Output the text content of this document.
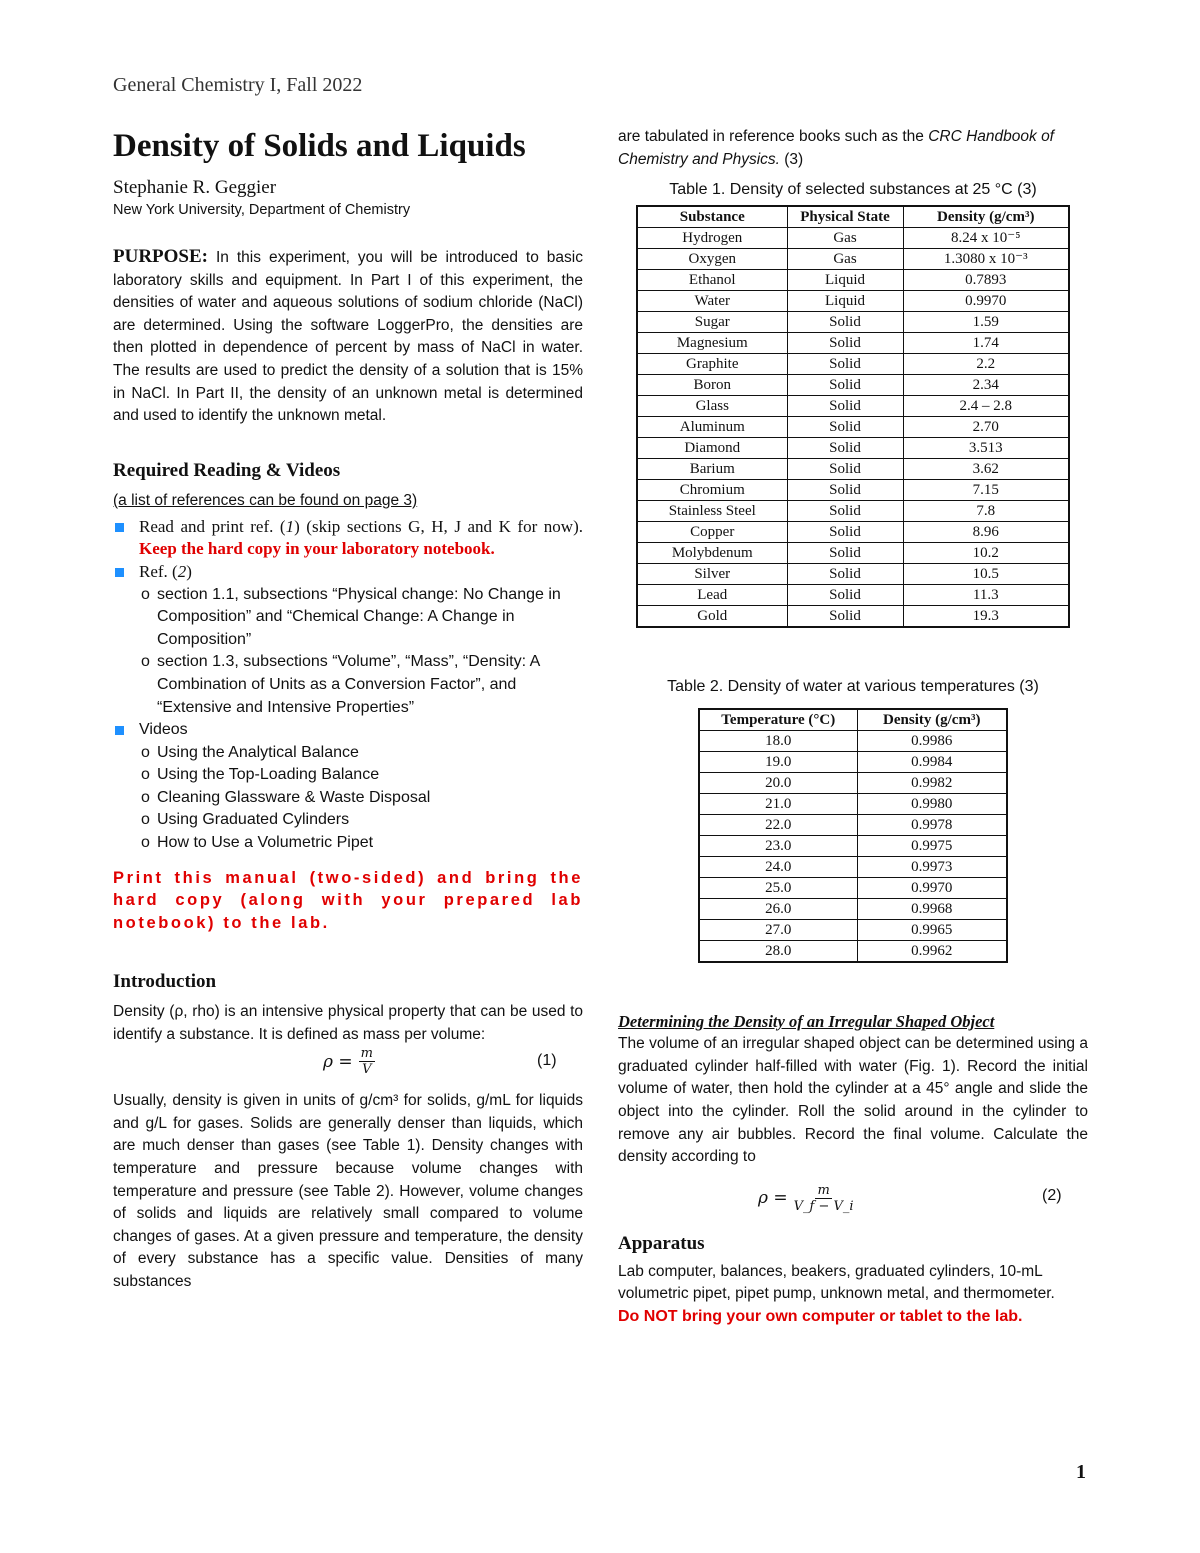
General Chemistry I, Fall 2022
Density of Solids and Liquids
Stephanie R. Geggier
New York University, Department of Chemistry
PURPOSE: In this experiment, you will be introduced to basic laboratory skills and equipment. In Part I of this experiment, the densities of water and aqueous solutions of sodium chloride (NaCl) are determined. Using the software LoggerPro, the densities are then plotted in dependence of percent by mass of NaCl in water. The results are used to predict the density of a solution that is 15% in NaCl. In Part II, the density of an unknown metal is determined and used to identify the unknown metal.
Required Reading & Videos
(a list of references can be found on page 3)
Read and print ref. (1) (skip sections G, H, J and K for now). Keep the hard copy in your laboratory notebook.
Ref. (2)
o section 1.1, subsections “Physical change: No Change in Composition” and “Chemical Change: A Change in Composition”
o section 1.3, subsections “Volume”, “Mass”, “Density: A Combination of Units as a Conversion Factor”, and “Extensive and Intensive Properties”
Videos
o Using the Analytical Balance
o Using the Top-Loading Balance
o Cleaning Glassware & Waste Disposal
o Using Graduated Cylinders
o How to Use a Volumetric Pipet
Print this manual (two-sided) and bring the hard copy (along with your prepared lab notebook) to the lab.
Introduction
Density (ρ, rho) is an intensive physical property that can be used to identify a substance. It is defined as mass per volume:
$\rho = \frac{m}{V}$	(1)
Usually, density is given in units of g/cm³ for solids, g/mL for liquids and g/L for gases. Solids are generally denser than liquids, which are much denser than gases (see Table 1). Density changes with temperature and pressure because volume changes with temperature and pressure (see Table 2). However, volume changes of solids and liquids are relatively small compared to volume changes of gases. At a given pressure and temperature, the density of every substance has a specific value. Densities of many substances
are tabulated in reference books such as the CRC Handbook of Chemistry and Physics. (3)
Table 1. Density of selected substances at 25 °C (3)
Substance	Physical State	Density (g/cm³)
Hydrogen	Gas	8.24 x 10⁻⁵
Oxygen	Gas	1.3080 x 10⁻³
Ethanol	Liquid	0.7893
Water	Liquid	0.9970
Sugar	Solid	1.59
Magnesium	Solid	1.74
Graphite	Solid	2.2
Boron	Solid	2.34
Glass	Solid	2.4 – 2.8
Aluminum	Solid	2.70
Diamond	Solid	3.513
Barium	Solid	3.62
Chromium	Solid	7.15
Stainless Steel	Solid	7.8
Copper	Solid	8.96
Molybdenum	Solid	10.2
Silver	Solid	10.5
Lead	Solid	11.3
Gold	Solid	19.3
Table 2. Density of water at various temperatures (3)
Temperature (°C)	Density (g/cm³)
18.0	0.9986
19.0	0.9984
20.0	0.9982
21.0	0.9980
22.0	0.9978
23.0	0.9975
24.0	0.9973
25.0	0.9970
26.0	0.9968
27.0	0.9965
28.0	0.9962
Determining the Density of an Irregular Shaped Object
The volume of an irregular shaped object can be determined using a graduated cylinder half-filled with water (Fig. 1). Record the initial volume of water, then hold the cylinder at a 45° angle and slide the object into the cylinder. Roll the solid around in the cylinder to remove any air bubbles. Record the final volume. Calculate the density according to
$\rho = \frac{m}{V\_f - V\_i}$	(2)
Apparatus
Lab computer, balances, beakers, graduated cylinders, 10-mL volumetric pipet, pipet pump, unknown metal, and thermometer.
Do NOT bring your own computer or tablet to the lab.
1
